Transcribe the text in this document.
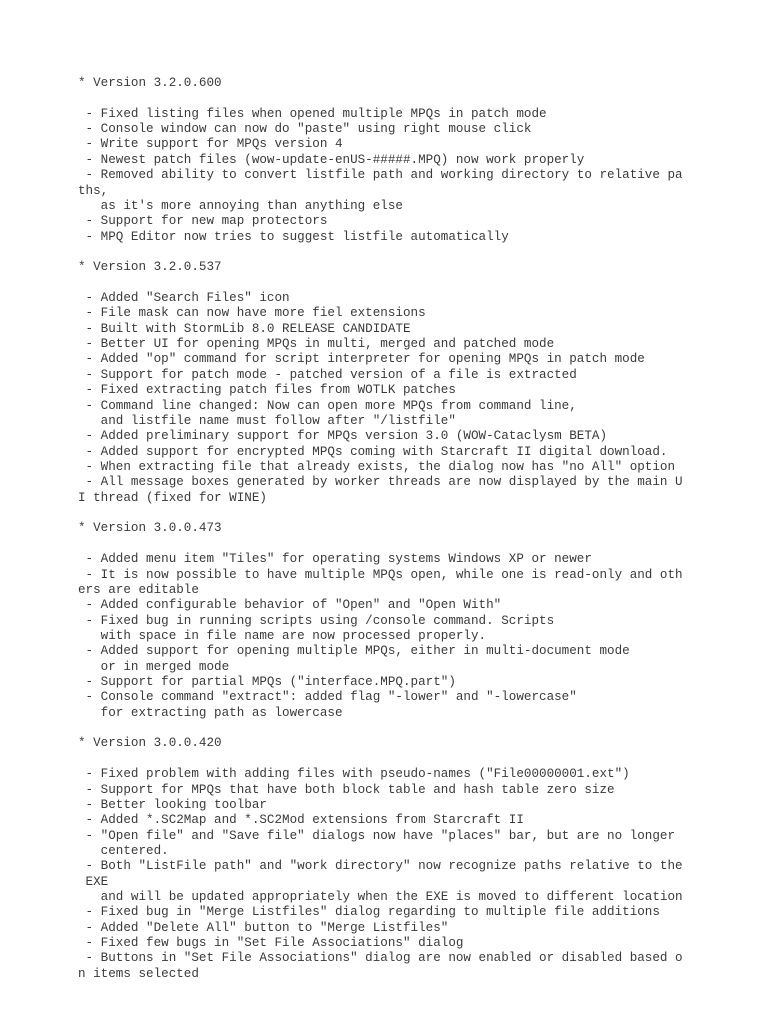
* Version 3.2.0.600
- Fixed listing files when opened multiple MPQs in patch mode
- Console window can now do "paste" using right mouse click
- Write support for MPQs version 4
- Newest patch files (wow-update-enUS-#####.MPQ) now work properly
- Removed ability to convert listfile path and working directory to relative pa
ths,
as it's more annoying than anything else
- Support for new map protectors
- MPQ Editor now tries to suggest listfile automatically
* Version 3.2.0.537
- Added "Search Files" icon
- File mask can now have more fiel extensions
- Built with StormLib 8.0 RELEASE CANDIDATE
- Better UI for opening MPQs in multi, merged and patched mode
- Added "op" command for script interpreter for opening MPQs in patch mode
- Support for patch mode - patched version of a file is extracted
- Fixed extracting patch files from WOTLK patches
- Command line changed: Now can open more MPQs from command line,
and listfile name must follow after "/listfile"
- Added preliminary support for MPQs version 3.0 (WOW-Cataclysm BETA)
- Added support for encrypted MPQs coming with Starcraft II digital download.
- When extracting file that already exists, the dialog now has "no All" option
- All message boxes generated by worker threads are now displayed by the main U
I thread (fixed for WINE)
* Version 3.0.0.473
- Added menu item "Tiles" for operating systems Windows XP or newer
- It is now possible to have multiple MPQs open, while one is read-only and oth
ers are editable
- Added configurable behavior of "Open" and "Open With"
- Fixed bug in running scripts using /console command. Scripts
with space in file name are now processed properly.
- Added support for opening multiple MPQs, either in multi-document mode
or in merged mode
- Support for partial MPQs ("interface.MPQ.part")
- Console command "extract": added flag "-lower" and "-lowercase"
for extracting path as lowercase
* Version 3.0.0.420
- Fixed problem with adding files with pseudo-names ("File00000001.ext")
- Support for MPQs that have both block table and hash table zero size
- Better looking toolbar
- Added *.SC2Map and *.SC2Mod extensions from Starcraft II
- "Open file" and "Save file" dialogs now have "places" bar, but are no longer
centered.
- Both "ListFile path" and "work directory" now recognize paths relative to the
EXE
and will be updated appropriately when the EXE is moved to different location
- Fixed bug in "Merge Listfiles" dialog regarding to multiple file additions
- Added "Delete All" button to "Merge Listfiles"
- Fixed few bugs in "Set File Associations" dialog
- Buttons in "Set File Associations" dialog are now enabled or disabled based o
n items selected
